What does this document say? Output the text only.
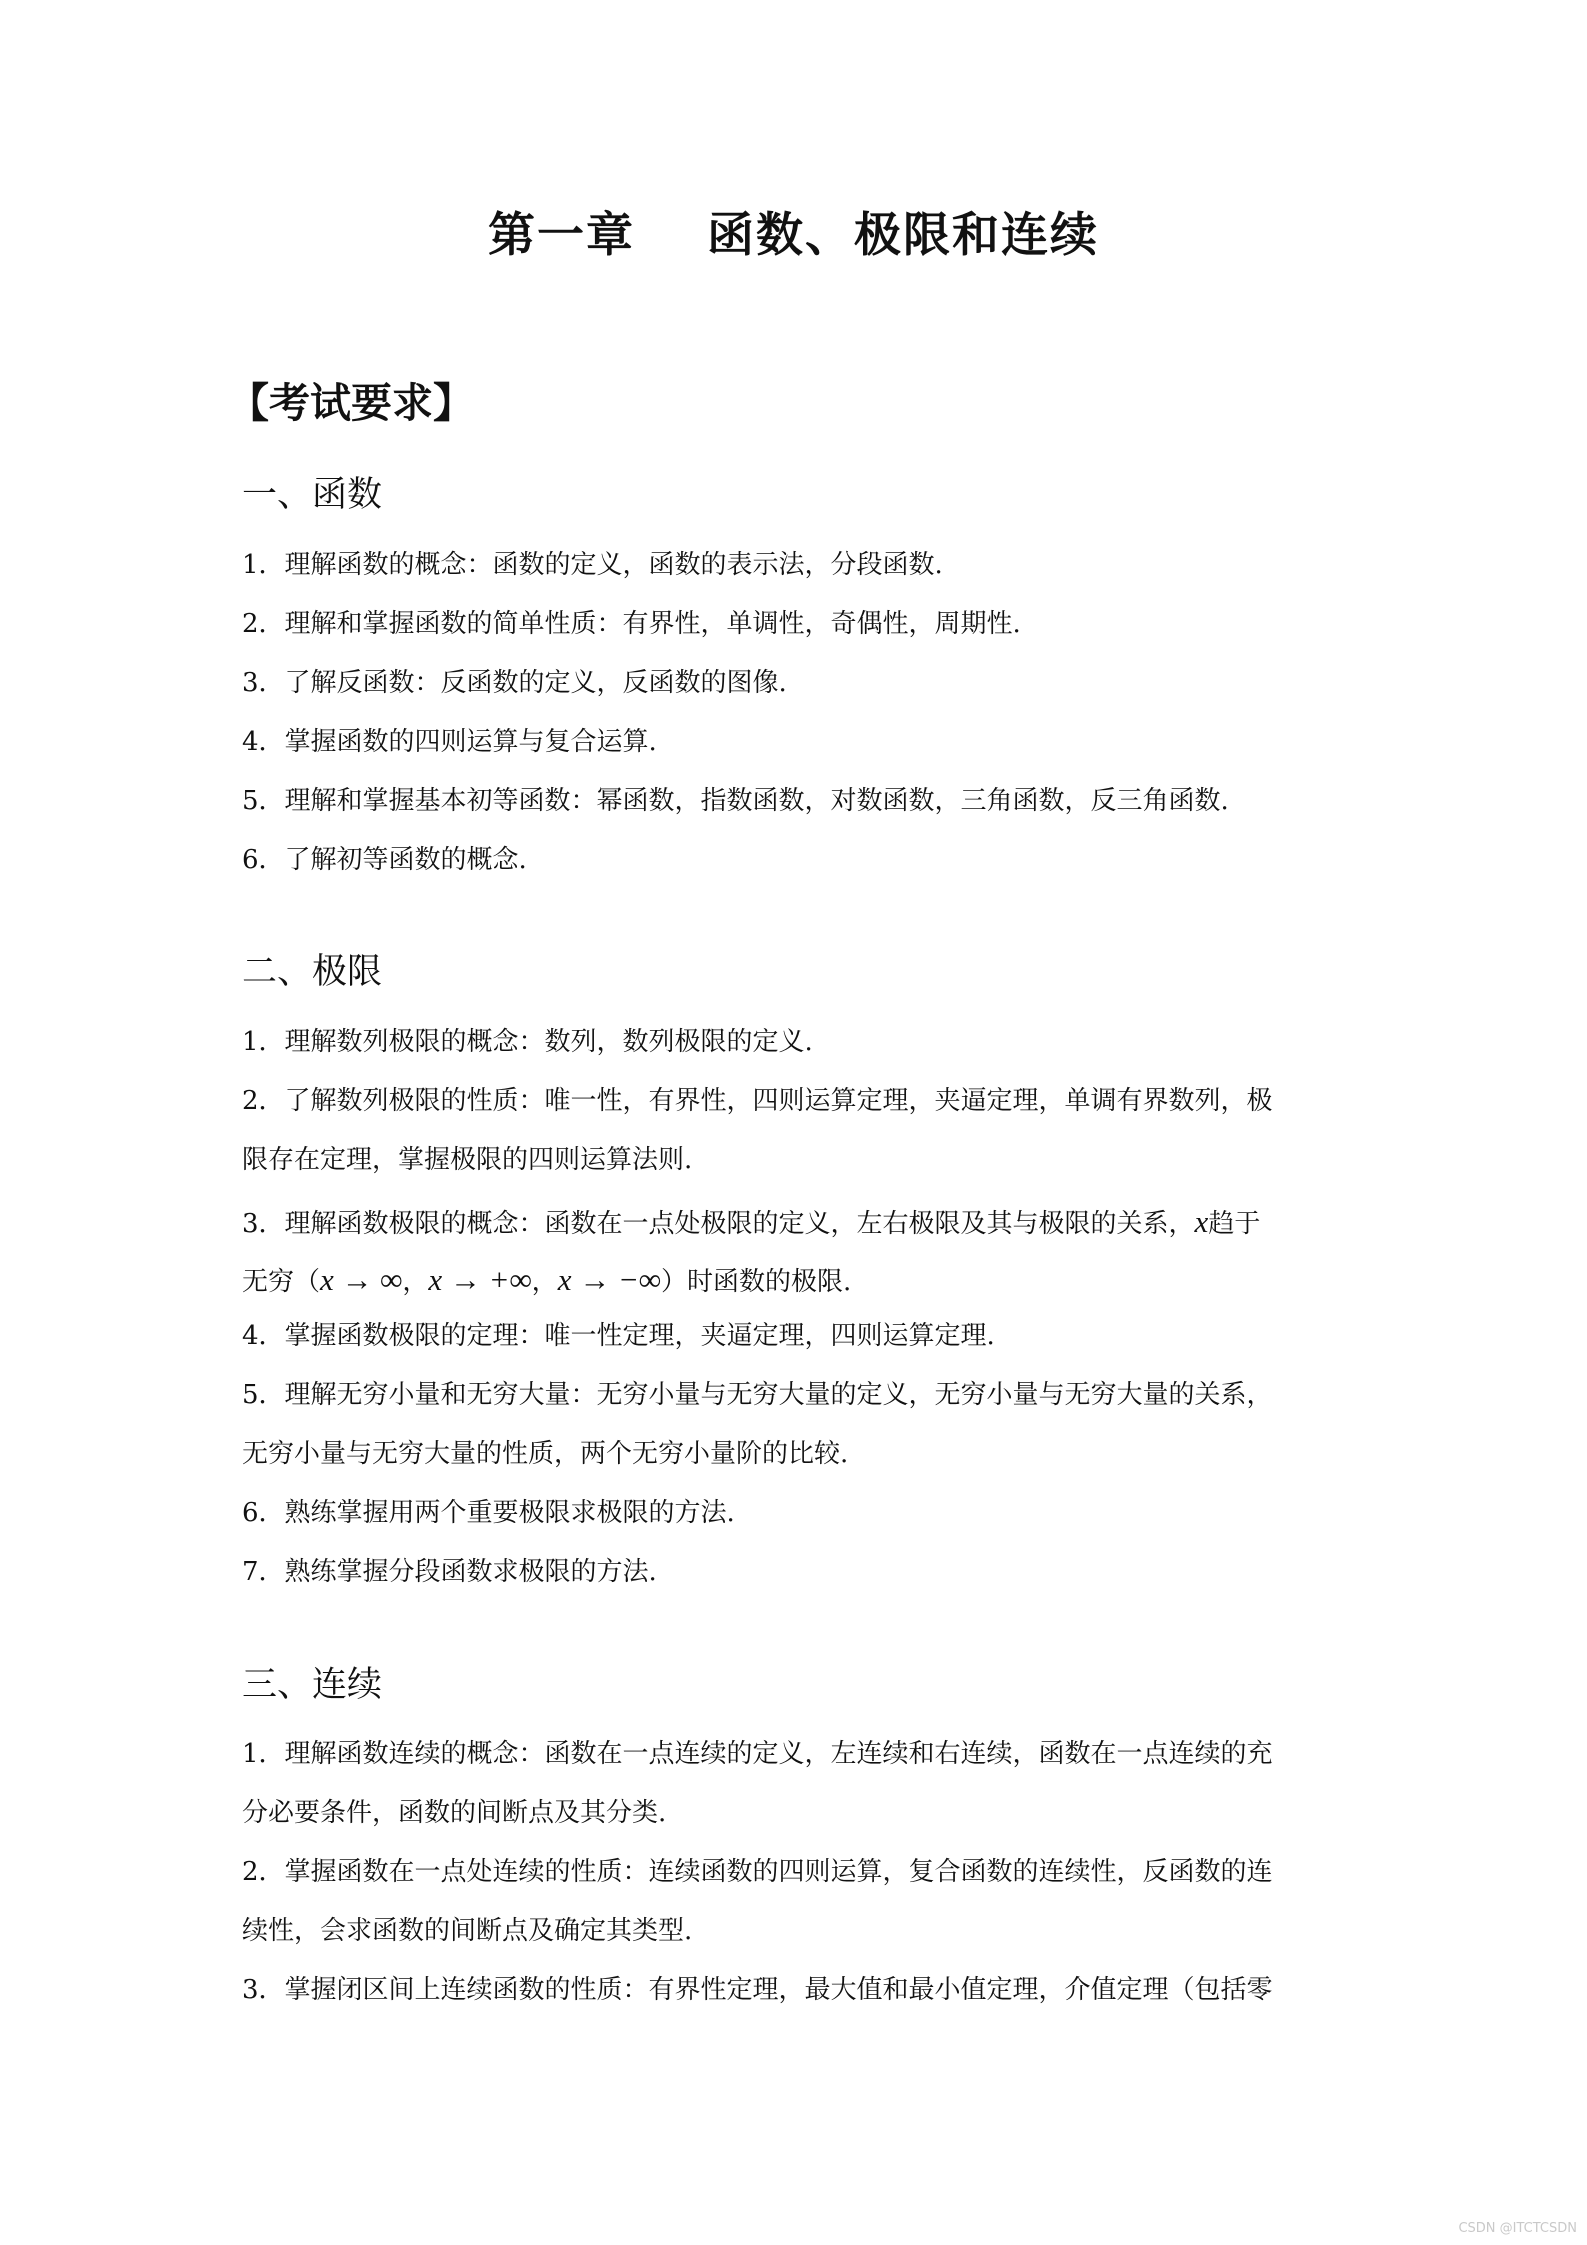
第一章 函数、极限和连续
【考试要求】
一、函数
1．理解函数的概念：函数的定义，函数的表示法，分段函数.
2．理解和掌握函数的简单性质：有界性，单调性，奇偶性，周期性.
3．了解反函数：反函数的定义，反函数的图像.
4．掌握函数的四则运算与复合运算.
5．理解和掌握基本初等函数：幂函数，指数函数，对数函数，三角函数，反三角函数.
6．了解初等函数的概念.
二、极限
1．理解数列极限的概念：数列，数列极限的定义.
2．了解数列极限的性质：唯一性，有界性，四则运算定理，夹逼定理，单调有界数列，极
限存在定理，掌握极限的四则运算法则.
3．理解函数极限的概念：函数在一点处极限的定义，左右极限及其与极限的关系，x趋于
无穷（x → ∞，x → +∞，x → −∞）时函数的极限.
4．掌握函数极限的定理：唯一性定理，夹逼定理，四则运算定理.
5．理解无穷小量和无穷大量：无穷小量与无穷大量的定义，无穷小量与无穷大量的关系，
无穷小量与无穷大量的性质，两个无穷小量阶的比较.
6．熟练掌握用两个重要极限求极限的方法.
7．熟练掌握分段函数求极限的方法.
三、连续
1．理解函数连续的概念：函数在一点连续的定义，左连续和右连续，函数在一点连续的充
分必要条件，函数的间断点及其分类.
2．掌握函数在一点处连续的性质：连续函数的四则运算，复合函数的连续性，反函数的连
续性，会求函数的间断点及确定其类型.
3．掌握闭区间上连续函数的性质：有界性定理，最大值和最小值定理，介值定理（包括零
CSDN @ITCTCSDN
